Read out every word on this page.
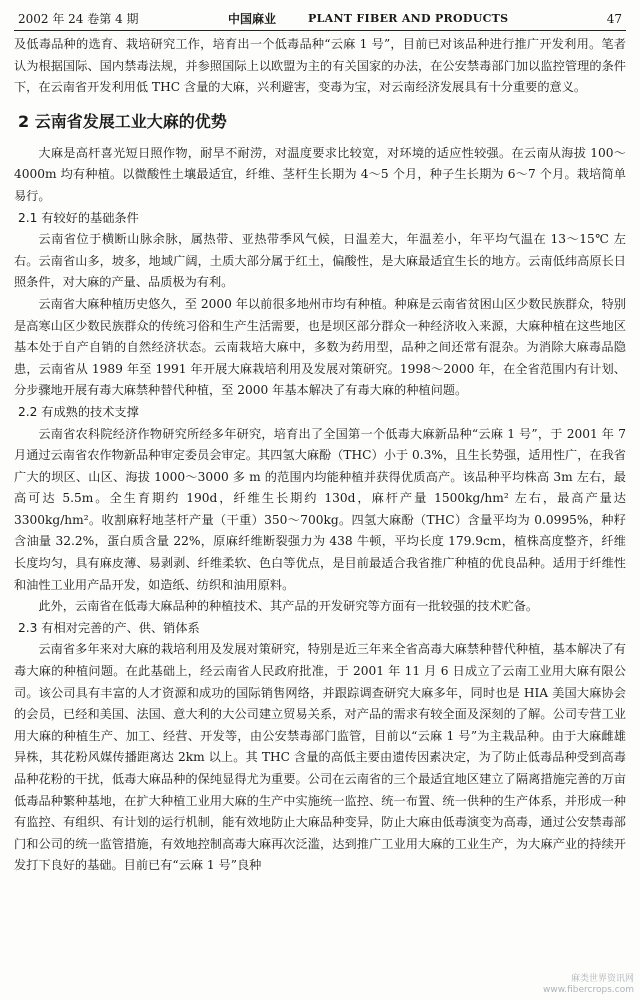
2002 年 24 卷第 4 期	中国麻业	PLANT FIBER AND PRODUCTS	47

及低毒品种的选育、栽培研究工作，培育出一个低毒品种“云麻 1 号”，目前已对该品种进行推广开发利用。笔者认为根据国际、国内禁毒法规，并参照国际上以欧盟为主的有关国家的办法，在公安禁毒部门加以监控管理的条件下，在云南省开发利用低 THC 含量的大麻，兴利避害，变毒为宝，对云南经济发展具有十分重要的意义。

2 云南省发展工业大麻的优势

大麻是高杆喜光短日照作物，耐旱不耐涝，对温度要求比较宽，对环境的适应性较强。在云南从海拔 100～4000m 均有种植。以微酸性土壤最适宜，纤维、茎杆生长期为 4～5 个月，种子生长期为 6～7 个月。栽培简单易行。

2.1 有较好的基础条件

云南省位于横断山脉余脉，属热带、亚热带季风气候，日温差大，年温差小，年平均气温在 13～15℃ 左右。云南省山多，坡多，地域广阔，土质大部分属于红土，偏酸性，是大麻最适宜生长的地方。云南低纬高原长日照条件，对大麻的产量、品质极为有利。

云南省大麻种植历史悠久，至 2000 年以前很多地州市均有种植。种麻是云南省贫困山区少数民族群众，特别是高寒山区少数民族群众的传统习俗和生产生活需要，也是坝区部分群众一种经济收入来源，大麻种植在这些地区基本处于自产自销的自然经济状态。云南栽培大麻中，多数为药用型，品种之间还常有混杂。为消除大麻毒品隐患，云南省从 1989 年至 1991 年开展大麻栽培利用及发展对策研究。1998～2000 年，在全省范围内有计划、分步骤地开展有毒大麻禁种替代种植，至 2000 年基本解决了有毒大麻的种植问题。

2.2 有成熟的技术支撑

云南省农科院经济作物研究所经多年研究，培育出了全国第一个低毒大麻新品种“云麻 1 号”，于 2001 年 7 月通过云南省农作物新品种审定委员会审定。其四氢大麻酚（THC）小于 0.3%，且生长势强，适用性广，在我省广大的坝区、山区、海拔 1000～3000 多 m 的范围内均能种植并获得优质高产。该品种平均株高 3m 左右，最高可达 5.5m。全生育期约 190d，纤维生长期约 130d，麻杆产量 1500kg/hm² 左右，最高产量达 3300kg/hm²。收割麻籽地茎杆产量（干重）350～700kg。四氢大麻酚（THC）含量平均为 0.0995%，种籽含油量 32.2%，蛋白质含量 22%，原麻纤维断裂强力为 438 牛顿，平均长度 179.9cm，植株高度整齐，纤维长度均匀，具有麻皮薄、易剥剥、纤维柔软、色白等优点，是目前最适合我省推广种植的优良品种。适用于纤维性和油性工业用产品开发，如造纸、纺织和油用原料。

此外，云南省在低毒大麻品种的种植技术、其产品的开发研究等方面有一批较强的技术贮备。

2.3 有相对完善的产、供、销体系

云南省多年来对大麻的栽培利用及发展对策研究，特别是近三年来全省高毒大麻禁种替代种植，基本解决了有毒大麻的种植问题。在此基础上，经云南省人民政府批准，于 2001 年 11 月 6 日成立了云南工业用大麻有限公司。该公司具有丰富的人才资源和成功的国际销售网络，并跟踪调查研究大麻多年，同时也是 HIA 美国大麻协会的会员，已经和美国、法国、意大利的大公司建立贸易关系，对产品的需求有较全面及深刻的了解。公司专营工业用大麻的种植生产、加工、经营、开发等，由公安禁毒部门监管，目前以“云麻 1 号”为主栽品种。由于大麻雌雄异株，其花粉风媒传播距离达 2km 以上。其 THC 含量的高低主要由遗传因素决定，为了防止低毒品种受到高毒品种花粉的干扰，低毒大麻品种的保纯显得尤为重要。公司在云南省的三个最适宜地区建立了隔离措施完善的万亩低毒品种繁种基地，在扩大种植工业用大麻的生产中实施统一监控、统一布置、统一供种的生产体系，并形成一种有监控、有组织、有计划的运行机制，能有效地防止大麻品种变异，防止大麻由低毒演变为高毒，通过公安禁毒部门和公司的统一监管措施，有效地控制高毒大麻再次泛滥，达到推广工业用大麻的工业生产，为大麻产业的持续开发打下良好的基础。目前已有“云麻 1 号”良种

麻类世界资讯网
www.fibercrops.com
